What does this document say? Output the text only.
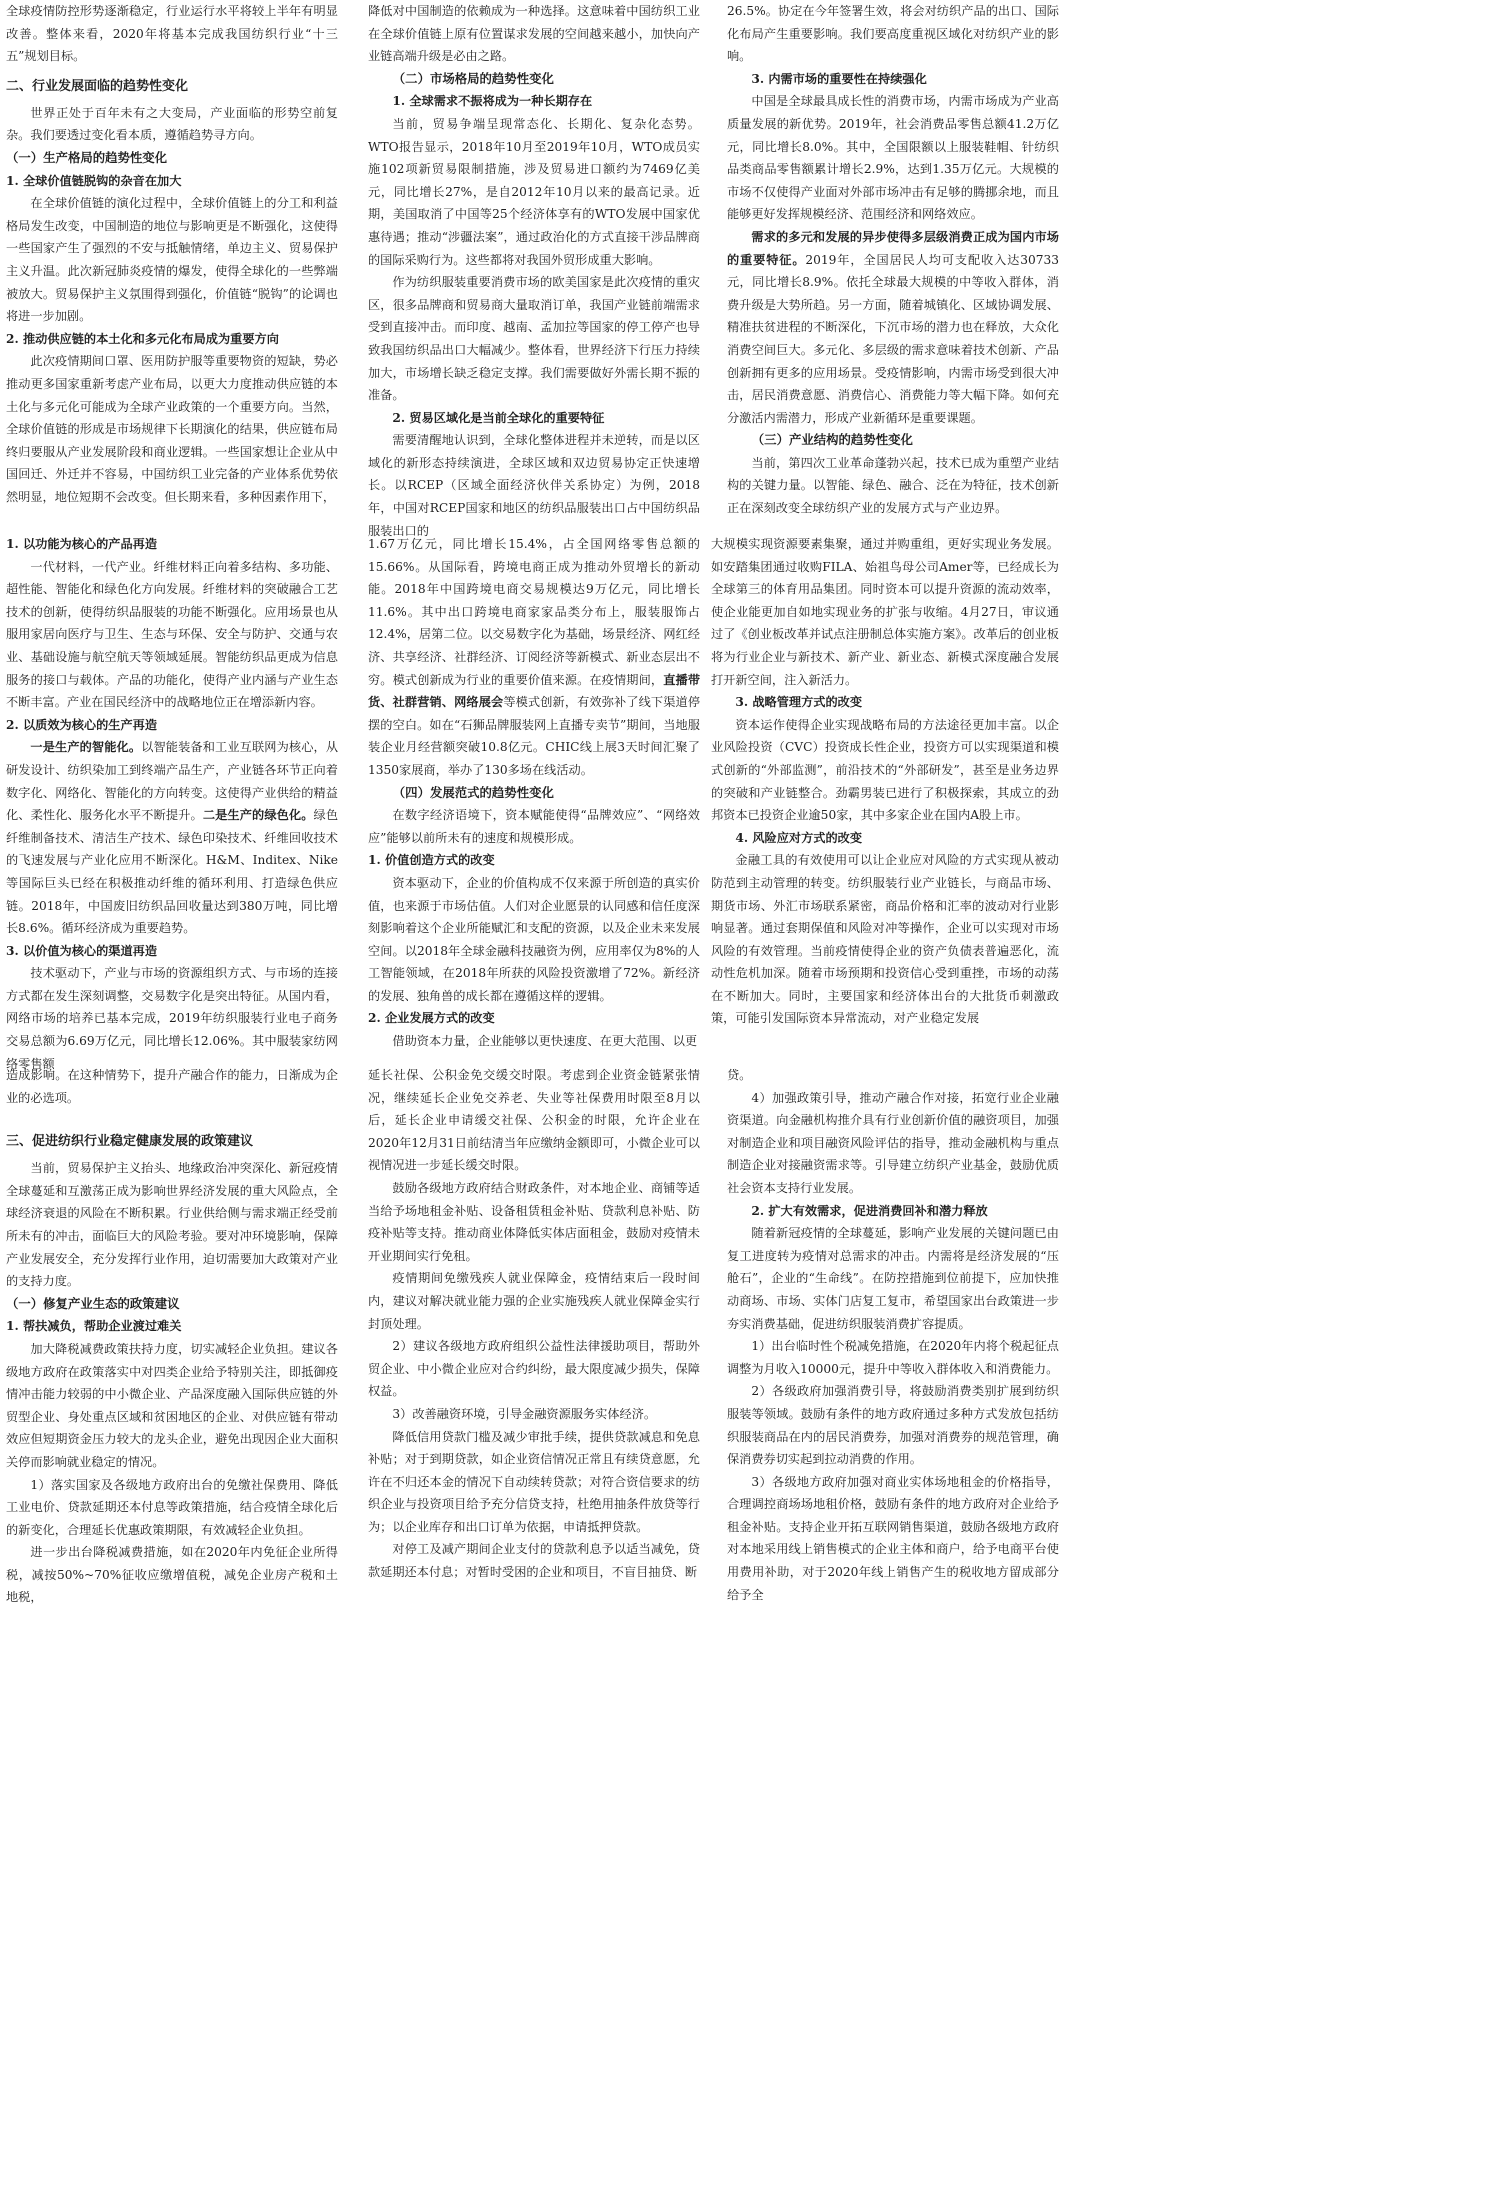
全球疫情防控形势逐渐稳定，行业运行水平将较上半年有明显改善。整体来看，2020年将基本完成我国纺织行业“十三五”规划目标。

二、行业发展面临的趋势性变化

世界正处于百年未有之大变局，产业面临的形势空前复杂。我们要透过变化看本质，遵循趋势寻方向。

（一）生产格局的趋势性变化
1. 全球价值链脱钩的杂音在加大

在全球价值链的演化过程中，全球价值链上的分工和利益格局发生改变，中国制造的地位与影响更是不断强化，这使得一些国家产生了强烈的不安与抵触情绪，单边主义、贸易保护主义升温。此次新冠肺炎疫情的爆发，使得全球化的一些弊端被放大。贸易保护主义氛围得到强化，价值链“脱钩”的论调也将进一步加剧。

2. 推动供应链的本土化和多元化布局成为重要方向

此次疫情期间口罩、医用防护服等重要物资的短缺，势必推动更多国家重新考虑产业布局，以更大力度推动供应链的本土化与多元化可能成为全球产业政策的一个重要方向。当然，全球价值链的形成是市场规律下长期演化的结果，供应链布局终归要服从产业发展阶段和商业逻辑。一些国家想让企业从中国回迁、外迁并不容易，中国纺织工业完备的产业体系优势依然明显，地位短期不会改变。但长期来看，多种因素作用下，

降低对中国制造的依赖成为一种选择。这意味着中国纺织工业在全球价值链上原有位置谋求发展的空间越来越小，加快向产业链高端升级是必由之路。

（二）市场格局的趋势性变化
1. 全球需求不振将成为一种长期存在

当前，贸易争端呈现常态化、长期化、复杂化态势。WTO报告显示，2018年10月至2019年10月，WTO成员实施102项新贸易限制措施，涉及贸易进口额约为7469亿美元，同比增长27%，是自2012年10月以来的最高记录。近期，美国取消了中国等25个经济体享有的WTO发展中国家优惠待遇；推动“涉疆法案”，通过政治化的方式直接干涉品牌商的国际采购行为。这些都将对我国外贸形成重大影响。

作为纺织服装重要消费市场的欧美国家是此次疫情的重灾区，很多品牌商和贸易商大量取消订单，我国产业链前端需求受到直接冲击。而印度、越南、孟加拉等国家的停工停产也导致我国纺织品出口大幅减少。整体看，世界经济下行压力持续加大，市场增长缺乏稳定支撑。我们需要做好外需长期不振的准备。

2. 贸易区域化是当前全球化的重要特征

需要清醒地认识到，全球化整体进程并未逆转，而是以区域化的新形态持续演进，全球区域和双边贸易协定正快速增长。以RCEP（区域全面经济伙伴关系协定）为例，2018年，中国对RCEP国家和地区的纺织品服装出口占中国纺织品服装出口的

26.5%。协定在今年签署生效，将会对纺织产品的出口、国际化布局产生重要影响。我们要高度重视区域化对纺织产业的影响。

3. 内需市场的重要性在持续强化

中国是全球最具成长性的消费市场，内需市场成为产业高质量发展的新优势。2019年，社会消费品零售总额41.2万亿元，同比增长8.0%。其中，全国限额以上服装鞋帽、针纺织品类商品零售额累计增长2.9%，达到1.35万亿元。大规模的市场不仅使得产业面对外部市场冲击有足够的腾挪余地，而且能够更好发挥规模经济、范围经济和网络效应。

需求的多元和发展的异步使得多层级消费正成为国内市场的重要特征。2019年，全国居民人均可支配收入达30733元，同比增长8.9%。依托全球最大规模的中等收入群体，消费升级是大势所趋。另一方面，随着城镇化、区域协调发展、精准扶贫进程的不断深化，下沉市场的潜力也在释放，大众化消费空间巨大。多元化、多层级的需求意味着技术创新、产品创新拥有更多的应用场景。受疫情影响，内需市场受到很大冲击，居民消费意愿、消费信心、消费能力等大幅下降。如何充分激活内需潜力，形成产业新循环是重要课题。

（三）产业结构的趋势性变化

当前，第四次工业革命蓬勃兴起，技术已成为重塑产业结构的关键力量。以智能、绿色、融合、泛在为特征，技术创新正在深刻改变全球纺织产业的发展方式与产业边界。

1. 以功能为核心的产品再造

一代材料，一代产业。纤维材料正向着多结构、多功能、超性能、智能化和绿色化方向发展。纤维材料的突破融合工艺技术的创新，使得纺织品服装的功能不断强化。应用场景也从服用家居向医疗与卫生、生态与环保、安全与防护、交通与农业、基础设施与航空航天等领域延展。智能纺织品更成为信息服务的接口与载体。产品的功能化，使得产业内涵与产业生态不断丰富。产业在国民经济中的战略地位正在增添新内容。

2. 以质效为核心的生产再造

一是生产的智能化。以智能装备和工业互联网为核心，从研发设计、纺织染加工到终端产品生产，产业链各环节正向着数字化、网络化、智能化的方向转变。这使得产业供给的精益化、柔性化、服务化水平不断提升。二是生产的绿色化。绿色纤维制备技术、清洁生产技术、绿色印染技术、纤维回收技术的飞速发展与产业化应用不断深化。H&M、Inditex、Nike等国际巨头已经在积极推动纤维的循环利用、打造绿色供应链。2018年，中国废旧纺织品回收量达到380万吨，同比增长8.6%。循环经济成为重要趋势。

3. 以价值为核心的渠道再造

技术驱动下，产业与市场的资源组织方式、与市场的连接方式都在发生深刻调整，交易数字化是突出特征。从国内看，网络市场的培养已基本完成，2019年纺织服装行业电子商务交易总额为6.69万亿元，同比增长12.06%。其中服装家纺网络零售额

1.67万亿元，同比增长15.4%，占全国网络零售总额的15.66%。从国际看，跨境电商正成为推动外贸增长的新动能。2018年中国跨境电商交易规模达9万亿元，同比增长11.6%。其中出口跨境电商家家品类分布上，服装服饰占12.4%，居第二位。以交易数字化为基础，场景经济、网红经济、共享经济、社群经济、订阅经济等新模式、新业态层出不穷。模式创新成为行业的重要价值来源。在疫情期间，直播带货、社群营销、网络展会等模式创新，有效弥补了线下渠道停摆的空白。如在“石狮品牌服装网上直播专卖节”期间，当地服装企业月经营额突破10.8亿元。CHIC线上展3天时间汇聚了1350家展商，举办了130多场在线活动。

（四）发展范式的趋势性变化

在数字经济语境下，资本赋能使得“品牌效应”、“网络效应”能够以前所未有的速度和规模形成。

1. 价值创造方式的改变

资本驱动下，企业的价值构成不仅来源于所创造的真实价值，也来源于市场估值。人们对企业愿景的认同感和信任度深刻影响着这个企业所能赋汇和支配的资源，以及企业未来发展空间。以2018年全球金融科技融资为例，应用率仅为8%的人工智能领域，在2018年所获的风险投资激增了72%。新经济的发展、独角兽的成长都在遵循这样的逻辑。

2. 企业发展方式的改变

借助资本力量，企业能够以更快速度、在更大范围、以更

大规模实现资源要素集聚，通过并购重组，更好实现业务发展。如安踏集团通过收购FILA、始祖鸟母公司Amer等，已经成长为全球第三的体育用品集团。同时资本可以提升资源的流动效率，使企业能更加自如地实现业务的扩张与收缩。4月27日，审议通过了《创业板改革并试点注册制总体实施方案》。改革后的创业板将为行业企业与新技术、新产业、新业态、新模式深度融合发展打开新空间，注入新活力。

3. 战略管理方式的改变

资本运作使得企业实现战略布局的方法途径更加丰富。以企业风险投资（CVC）投资成长性企业，投资方可以实现渠道和模式创新的“外部监测”，前沿技术的“外部研发”，甚至是业务边界的突破和产业链整合。劲霸男装已进行了积极探索，其成立的劲邦资本已投资企业逾50家，其中多家企业在国内A股上市。

4. 风险应对方式的改变

金融工具的有效使用可以让企业应对风险的方式实现从被动防范到主动管理的转变。纺织服装行业产业链长，与商品市场、期货市场、外汇市场联系紧密，商品价格和汇率的波动对行业影响显著。通过套期保值和风险对冲等操作，企业可以实现对市场风险的有效管理。当前疫情使得企业的资产负债表普遍恶化，流动性危机加深。随着市场预期和投资信心受到重挫，市场的动荡在不断加大。同时，主要国家和经济体出台的大批货币刺激政策，可能引发国际资本异常流动，对产业稳定发展

造成影响。在这种情势下，提升产融合作的能力，日渐成为企业的必选项。

三、促进纺织行业稳定健康发展的政策建议

当前，贸易保护主义抬头、地缘政治冲突深化、新冠疫情全球蔓延和互激荡正成为影响世界经济发展的重大风险点，全球经济衰退的风险在不断积累。行业供给侧与需求端正经受前所未有的冲击，面临巨大的风险考验。要对冲环境影响，保障产业发展安全，充分发挥行业作用，迫切需要加大政策对产业的支持力度。

（一）修复产业生态的政策建议
1. 帮扶减负，帮助企业渡过难关

加大降税减费政策扶持力度，切实减轻企业负担。建议各级地方政府在政策落实中对四类企业给予特别关注，即抵御疫情冲击能力较弱的中小微企业、产品深度融入国际供应链的外贸型企业、身处重点区域和贫困地区的企业、对供应链有带动效应但短期资金压力较大的龙头企业，避免出现因企业大面积关停而影响就业稳定的情况。

1）落实国家及各级地方政府出台的免缴社保费用、降低工业电价、贷款延期还本付息等政策措施，结合疫情全球化后的新变化，合理延长优惠政策期限，有效减轻企业负担。

进一步出台降税减费措施，如在2020年内免征企业所得税，减按50%~70%征收应缴增值税，减免企业房产税和土地税，

延长社保、公积金免交缓交时限。考虑到企业资金链紧张情况，继续延长企业免交养老、失业等社保费用时限至8月以后，延长企业申请缓交社保、公积金的时限，允许企业在2020年12月31日前结清当年应缴纳金额即可，小微企业可以视情况进一步延长缓交时限。

鼓励各级地方政府结合财政条件，对本地企业、商铺等适当给予场地租金补贴、设备租赁租金补贴、贷款利息补贴、防疫补贴等支持。推动商业体降低实体店面租金，鼓励对疫情未开业期间实行免租。

疫情期间免缴残疾人就业保障金，疫情结束后一段时间内，建议对解决就业能力强的企业实施残疾人就业保障金实行封顶处理。

2）建议各级地方政府组织公益性法律援助项目，帮助外贸企业、中小微企业应对合约纠纷，最大限度减少损失，保障权益。

3）改善融资环境，引导金融资源服务实体经济。

降低信用贷款门槛及减少审批手续，提供贷款减息和免息补贴；对于到期贷款，如企业资信情况正常且有续贷意愿，允许在不归还本金的情况下自动续转贷款；对符合资信要求的纺织企业与投资项目给予充分信贷支持，杜绝用抽条件放贷等行为；以企业库存和出口订单为依据，申请抵押贷款。

对停工及减产期间企业支付的贷款利息予以适当减免，贷款延期还本付息；对暂时受困的企业和项目，不盲目抽贷、断

贷。

4）加强政策引导，推动产融合作对接，拓宽行业企业融资渠道。向金融机构推介具有行业创新价值的融资项目，加强对制造企业和项目融资风险评估的指导，推动金融机构与重点制造企业对接融资需求等。引导建立纺织产业基金，鼓励优质社会资本支持行业发展。

2. 扩大有效需求，促进消费回补和潜力释放

随着新冠疫情的全球蔓延，影响产业发展的关键问题已由复工进度转为疫情对总需求的冲击。内需将是经济发展的“压舱石”，企业的“生命线”。在防控措施到位前提下，应加快推动商场、市场、实体门店复工复市，希望国家出台政策进一步夯实消费基础，促进纺织服装消费扩容提质。

1）出台临时性个税减免措施，在2020年内将个税起征点调整为月收入10000元，提升中等收入群体收入和消费能力。

2）各级政府加强消费引导，将鼓励消费类别扩展到纺织服装等领域。鼓励有条件的地方政府通过多种方式发放包括纺织服装商品在内的居民消费券，加强对消费券的规范管理，确保消费券切实起到拉动消费的作用。

3）各级地方政府加强对商业实体场地租金的价格指导，合理调控商场场地租价格，鼓励有条件的地方政府对企业给予租金补贴。支持企业开拓互联网销售渠道，鼓励各级地方政府对本地采用线上销售模式的企业主体和商户，给予电商平台使用费用补助，对于2020年线上销售产生的税收地方留成部分给予全
